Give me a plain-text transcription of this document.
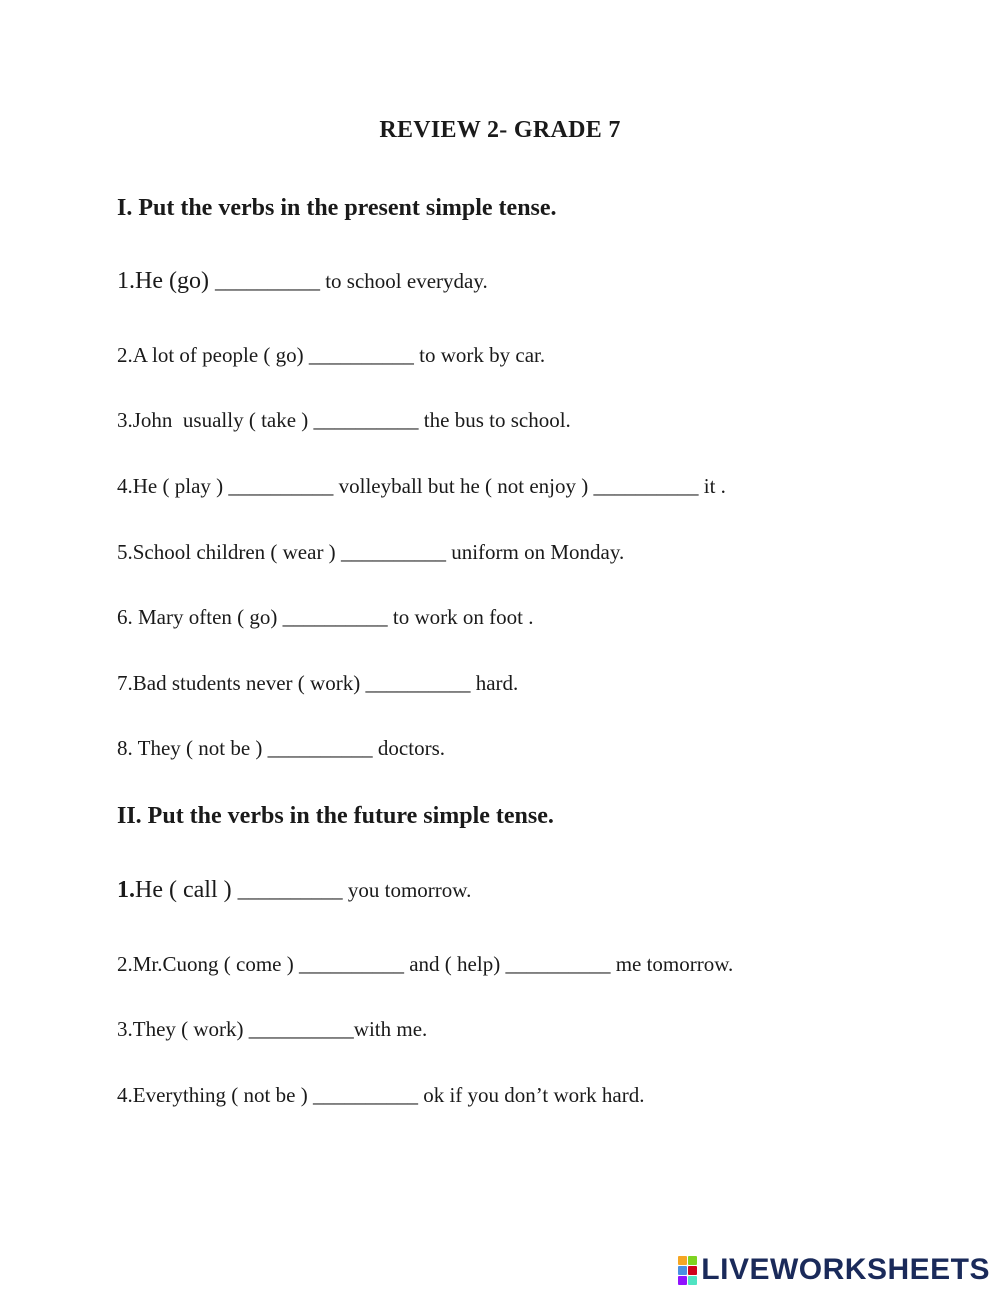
REVIEW 2- GRADE 7
I. Put the verbs in the present simple tense.
1.He (go) __________ to school everyday.
2.A lot of people ( go) __________ to work by car.
3.John  usually ( take ) __________ the bus to school.
4.He ( play ) __________ volleyball but he ( not enjoy ) __________ it .
5.School children ( wear ) __________ uniform on Monday.
6. Mary often ( go) __________ to work on foot .
7.Bad students never ( work) __________ hard.
8. They ( not be ) __________ doctors.
II. Put the verbs in the future simple tense.
1.He ( call ) __________ you tomorrow.
2.Mr.Cuong ( come ) __________ and ( help) __________ me tomorrow.
3.They ( work) __________with me.
4.Everything ( not be ) __________ ok if you don’t work hard.
LIVEWORKSHEETS
